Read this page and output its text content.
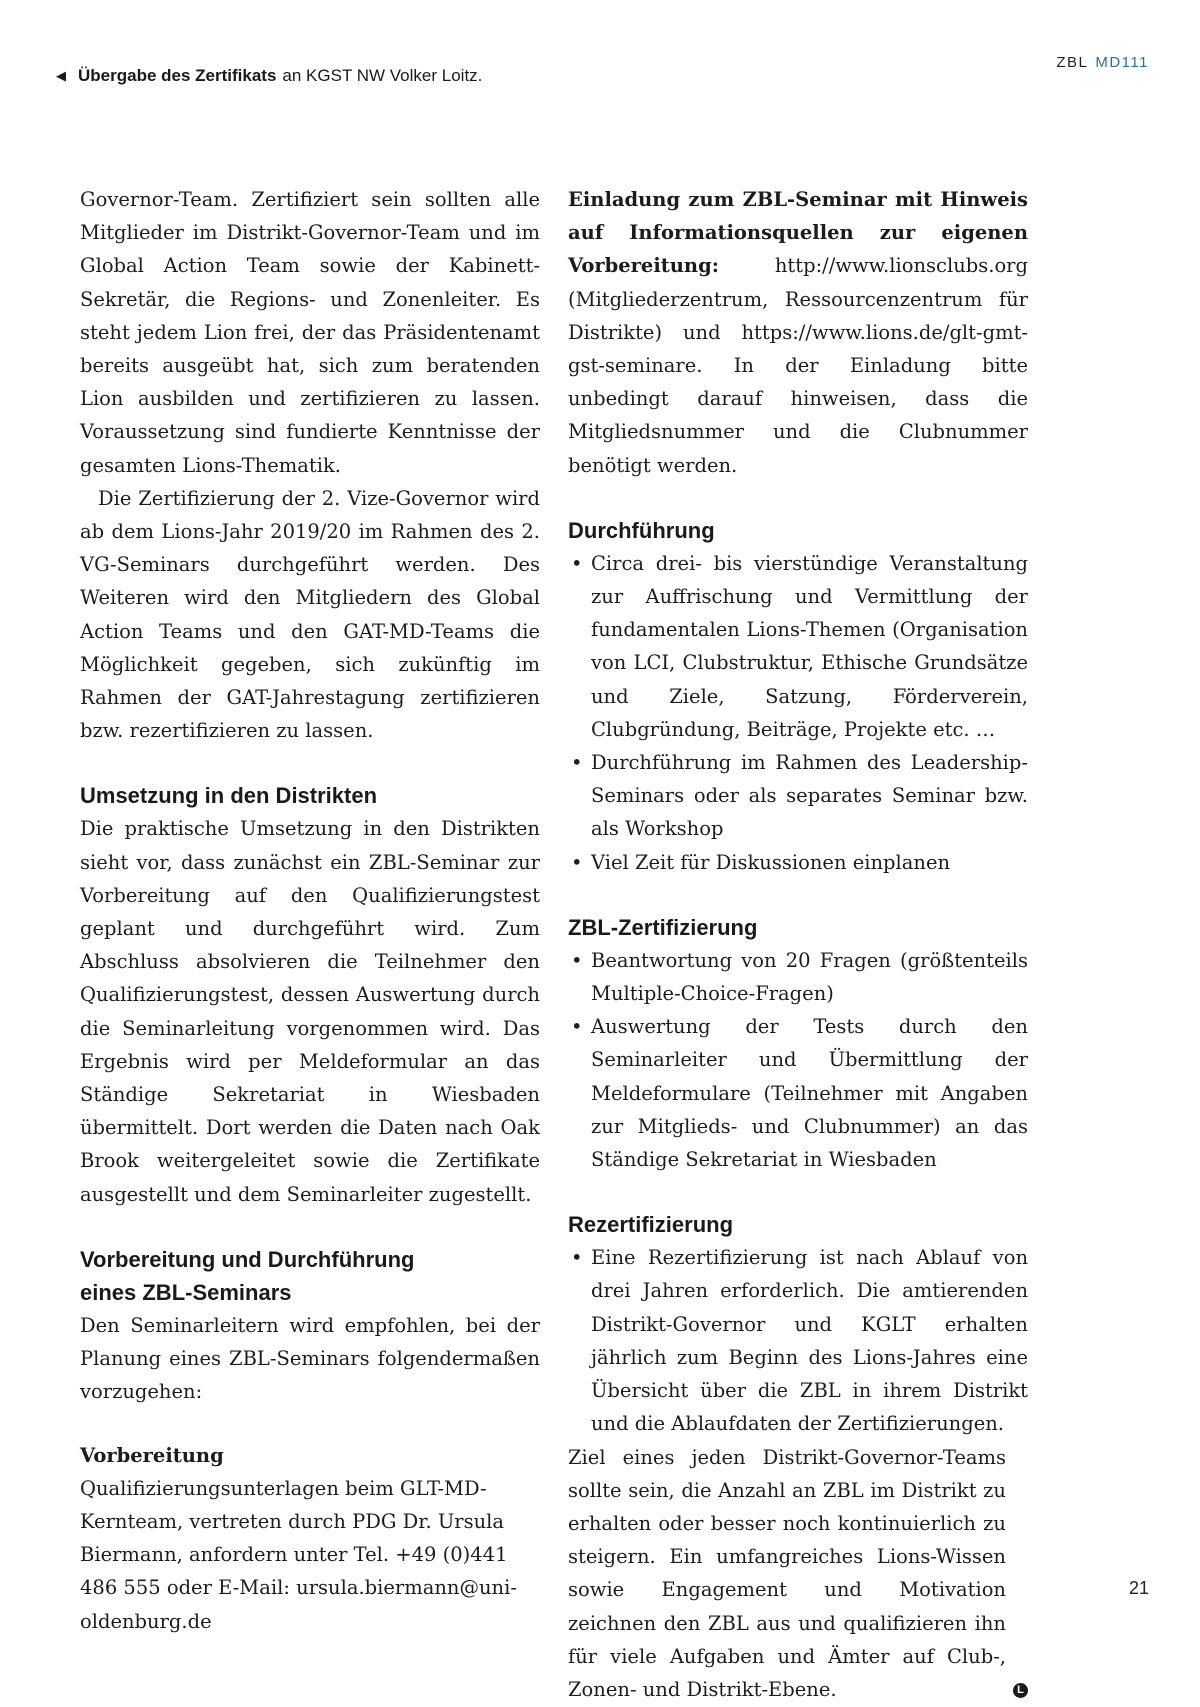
◀ Übergabe des Zertifikats an KGST NW Volker Loitz.
ZBL MD111

Governor-Team. Zertifiziert sein sollten alle Mitglieder im Distrikt-Governor-Team und im Global Action Team sowie der Kabinett-Sekretär, die Regions- und Zonenleiter. Es steht jedem Lion frei, der das Präsidentenamt bereits ausgeübt hat, sich zum beratenden Lion ausbilden und zertifizieren zu lassen. Voraussetzung sind fundierte Kenntnisse der gesamten Lions-Thematik.

Die Zertifizierung der 2. Vize-Governor wird ab dem Lions-Jahr 2019/20 im Rahmen des 2. VG-Seminars durchgeführt werden. Des Weiteren wird den Mitgliedern des Global Action Teams und den GAT-MD-Teams die Möglichkeit gegeben, sich zukünftig im Rahmen der GAT-Jahrestagung zertifizieren bzw. rezertifizieren zu lassen.

Umsetzung in den Distrikten

Die praktische Umsetzung in den Distrikten sieht vor, dass zunächst ein ZBL-Seminar zur Vorbereitung auf den Qualifizierungstest geplant und durchgeführt wird. Zum Abschluss absolvieren die Teilnehmer den Qualifizierungstest, dessen Auswertung durch die Seminarleitung vorgenommen wird. Das Ergebnis wird per Meldeformular an das Ständige Sekretariat in Wiesbaden übermittelt. Dort werden die Daten nach Oak Brook weitergeleitet sowie die Zertifikate ausgestellt und dem Seminarleiter zugestellt.

Vorbereitung und Durchführung
eines ZBL-Seminars

Den Seminarleitern wird empfohlen, bei der Planung eines ZBL-Seminars folgendermaßen vorzugehen:

Vorbereitung

Qualifizierungsunterlagen beim GLT-MD-Kernteam, vertreten durch PDG Dr. Ursula Biermann, anfordern unter Tel. +49 (0)441 486 555 oder E-Mail: ursula.biermann@uni-oldenburg.de

Einladung zum ZBL-Seminar mit Hinweis auf Informationsquellen zur eigenen Vorbereitung:	http://www.lionsclubs.org (Mitgliederzentrum, Ressourcenzentrum für Distrikte) und https://www.lions.de/glt-gmt-gst-seminare. In der Einladung bitte unbedingt darauf hinweisen, dass die Mitgliedsnummer und die Clubnummer benötigt werden.

Durchführung
• Circa drei- bis vierstündige Veranstaltung zur Auffrischung und Vermittlung der fundamentalen Lions-Themen (Organisation von LCI, Clubstruktur, Ethische Grundsätze und Ziele, Satzung, Förderverein, Clubgründung, Beiträge, Projekte etc. …
• Durchführung im Rahmen des Leadership-Seminars oder als separates Seminar bzw. als Workshop
• Viel Zeit für Diskussionen einplanen
ZBL-Zertifizierung
• Beantwortung von 20 Fragen (größtenteils Multiple-Choice-Fragen)
• Auswertung der Tests durch den Seminarleiter und Übermittlung der Meldeformulare (Teilnehmer mit Angaben zur Mitglieds- und Clubnummer) an das Ständige Sekretariat in Wiesbaden
Rezertifizierung
• Eine Rezertifizierung ist nach Ablauf von drei Jahren erforderlich. Die amtierenden Distrikt-Governor und KGLT erhalten jährlich zum Beginn des Lions-Jahres eine Übersicht über die ZBL in ihrem Distrikt und die Ablaufdaten der Zertifizierungen.

Ziel eines jeden Distrikt-Governor-Teams sollte sein, die Anzahl an ZBL im Distrikt zu erhalten oder besser noch kontinuierlich zu steigern. Ein umfangreiches Lions-Wissen sowie Engagement und Motivation zeichnen den ZBL aus und qualifizieren ihn für viele Aufgaben und Ämter auf Club-, Zonen- und Distrikt-Ebene.	L
21
